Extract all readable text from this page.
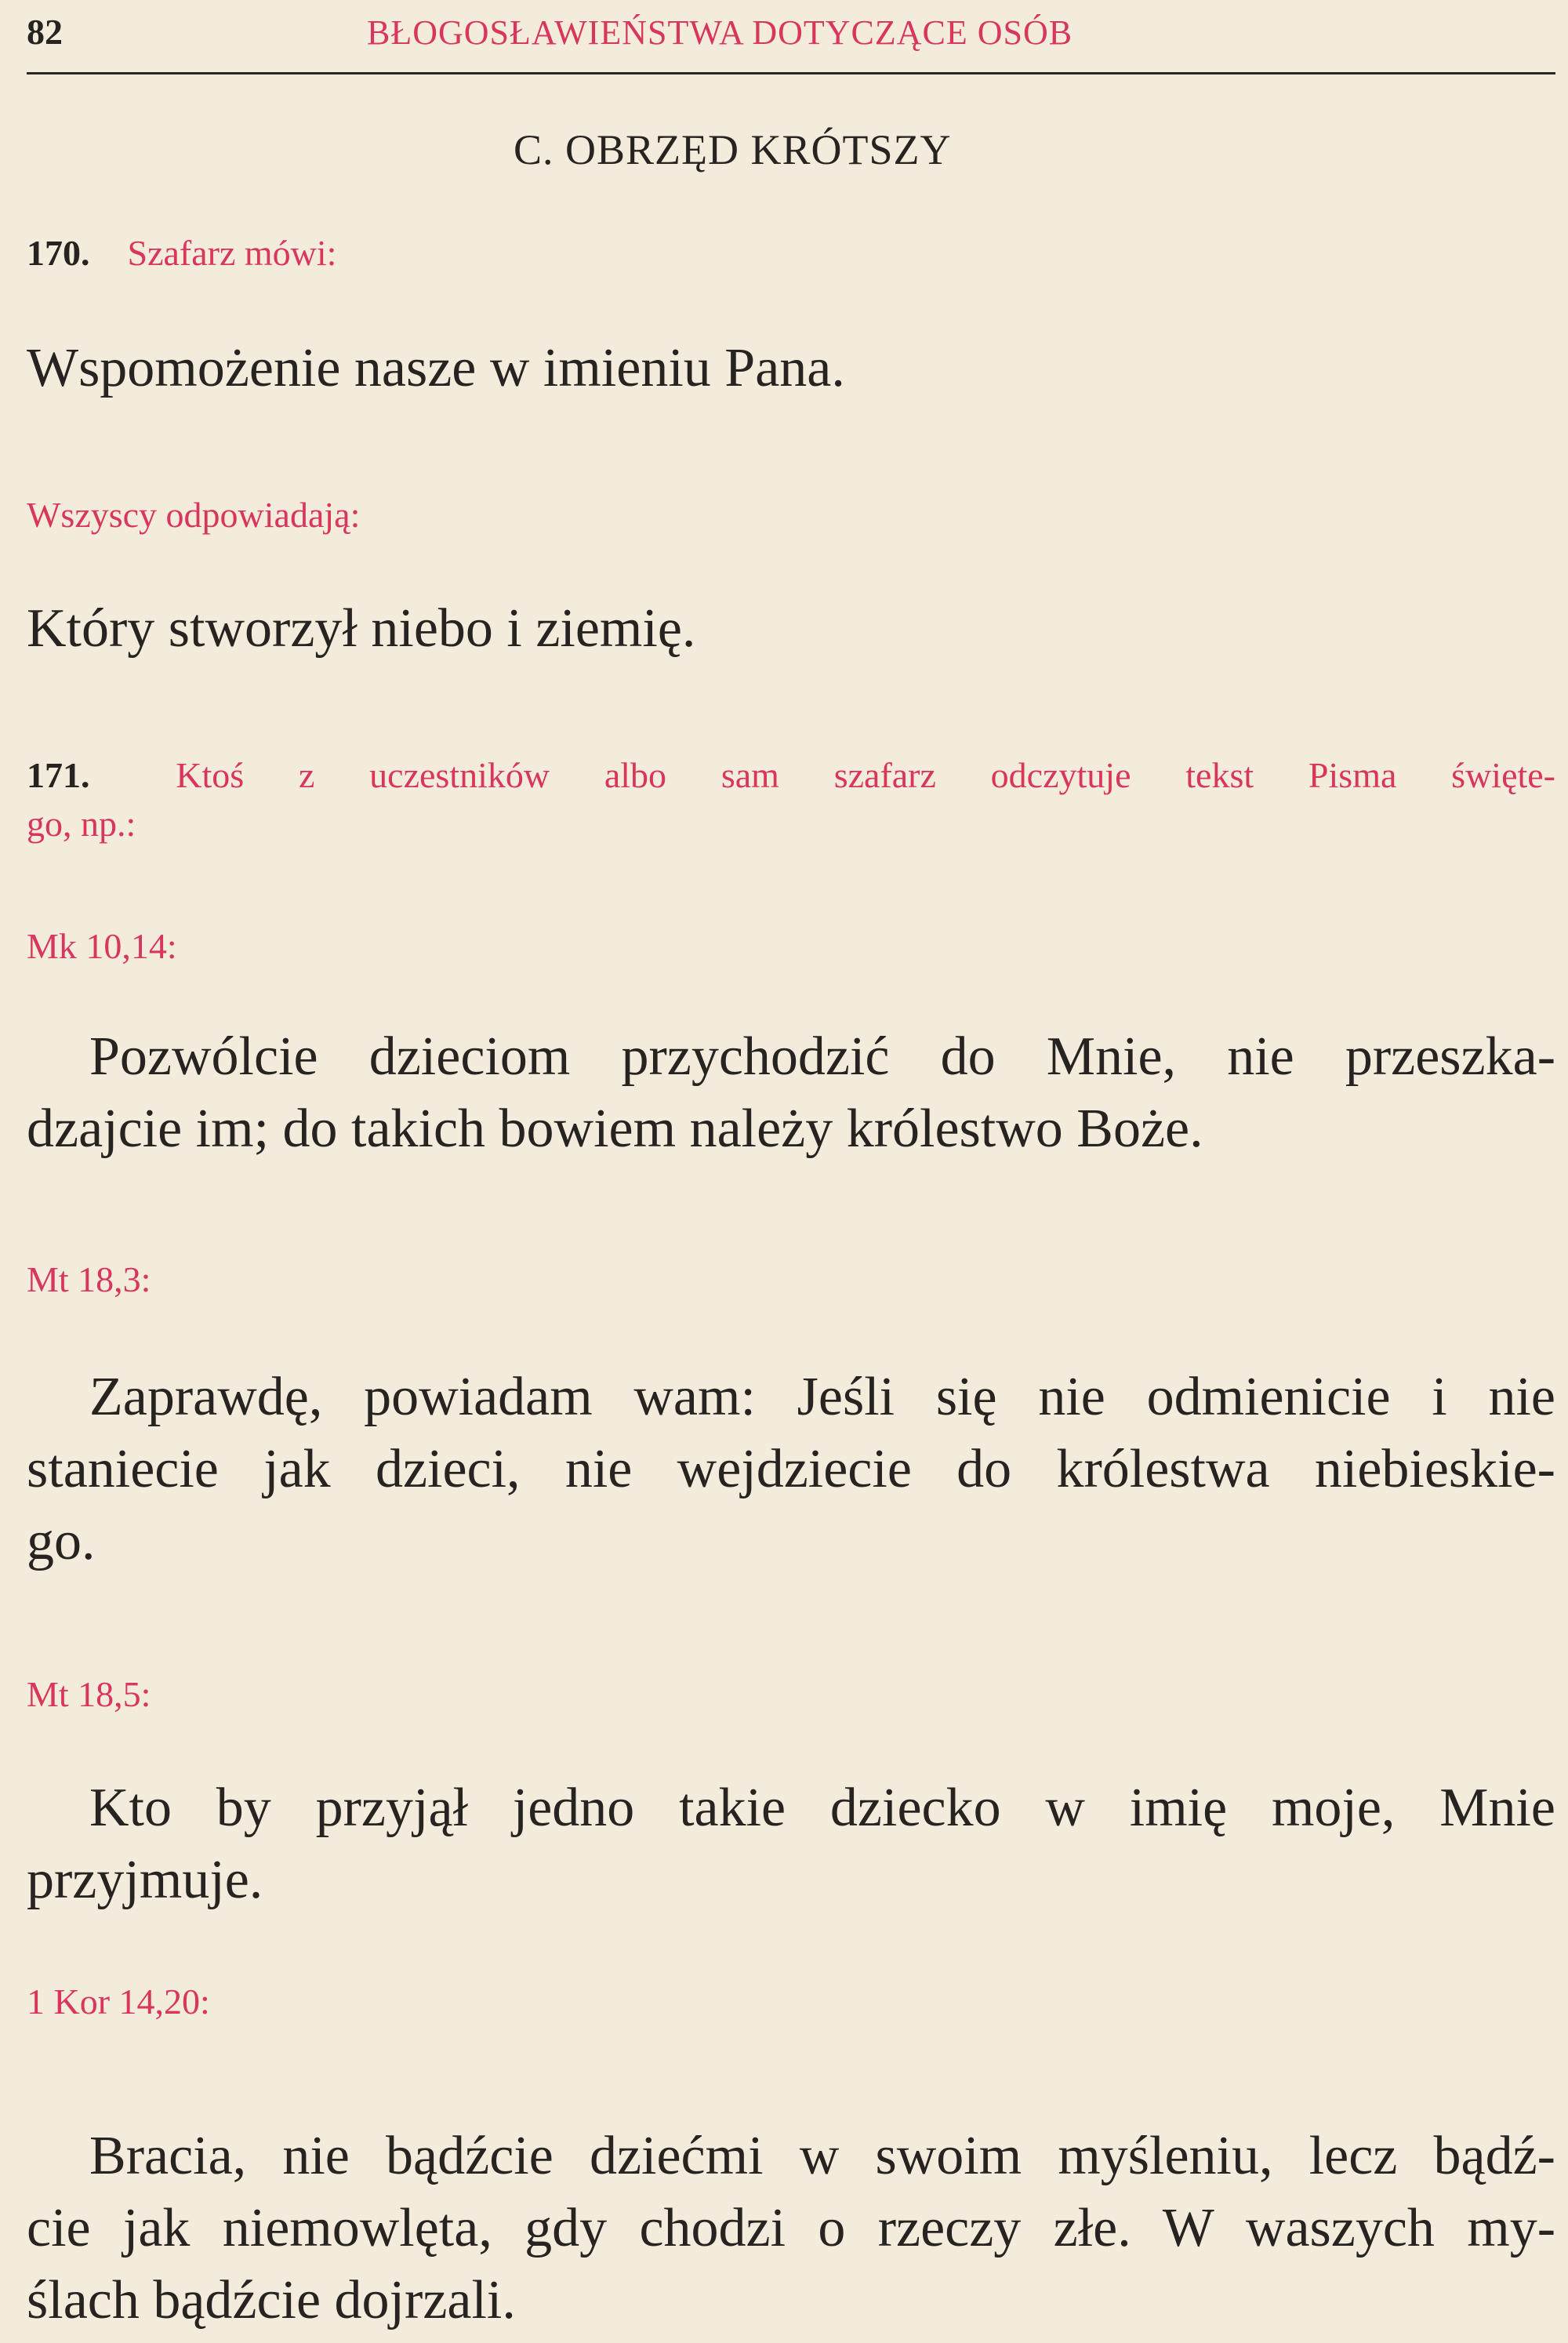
82	BŁOGOSŁAWIEŃSTWA DOTYCZĄCE OSÓB
C. OBRZĘD KRÓTSZY
170. Szafarz mówi:
Wspomożenie nasze w imieniu Pana.
Wszyscy odpowiadają:
Który stworzył niebo i ziemię.
171. Ktoś z uczestników albo sam szafarz odczytuje tekst Pisma święte-
go, np.:
Mk 10,14:
Pozwólcie dzieciom przychodzić do Mnie, nie przeszka-
dzajcie im; do takich bowiem należy królestwo Boże.
Mt 18,3:
Zaprawdę, powiadam wam: Jeśli się nie odmienicie i nie
staniecie jak dzieci, nie wejdziecie do królestwa niebieskie-
go.
Mt 18,5:
Kto by przyjął jedno takie dziecko w imię moje, Mnie
przyjmuje.
1 Kor 14,20:
Bracia, nie bądźcie dziećmi w swoim myśleniu, lecz bądź-
cie jak niemowlęta, gdy chodzi o rzeczy złe. W waszych my-
ślach bądźcie dojrzali.
